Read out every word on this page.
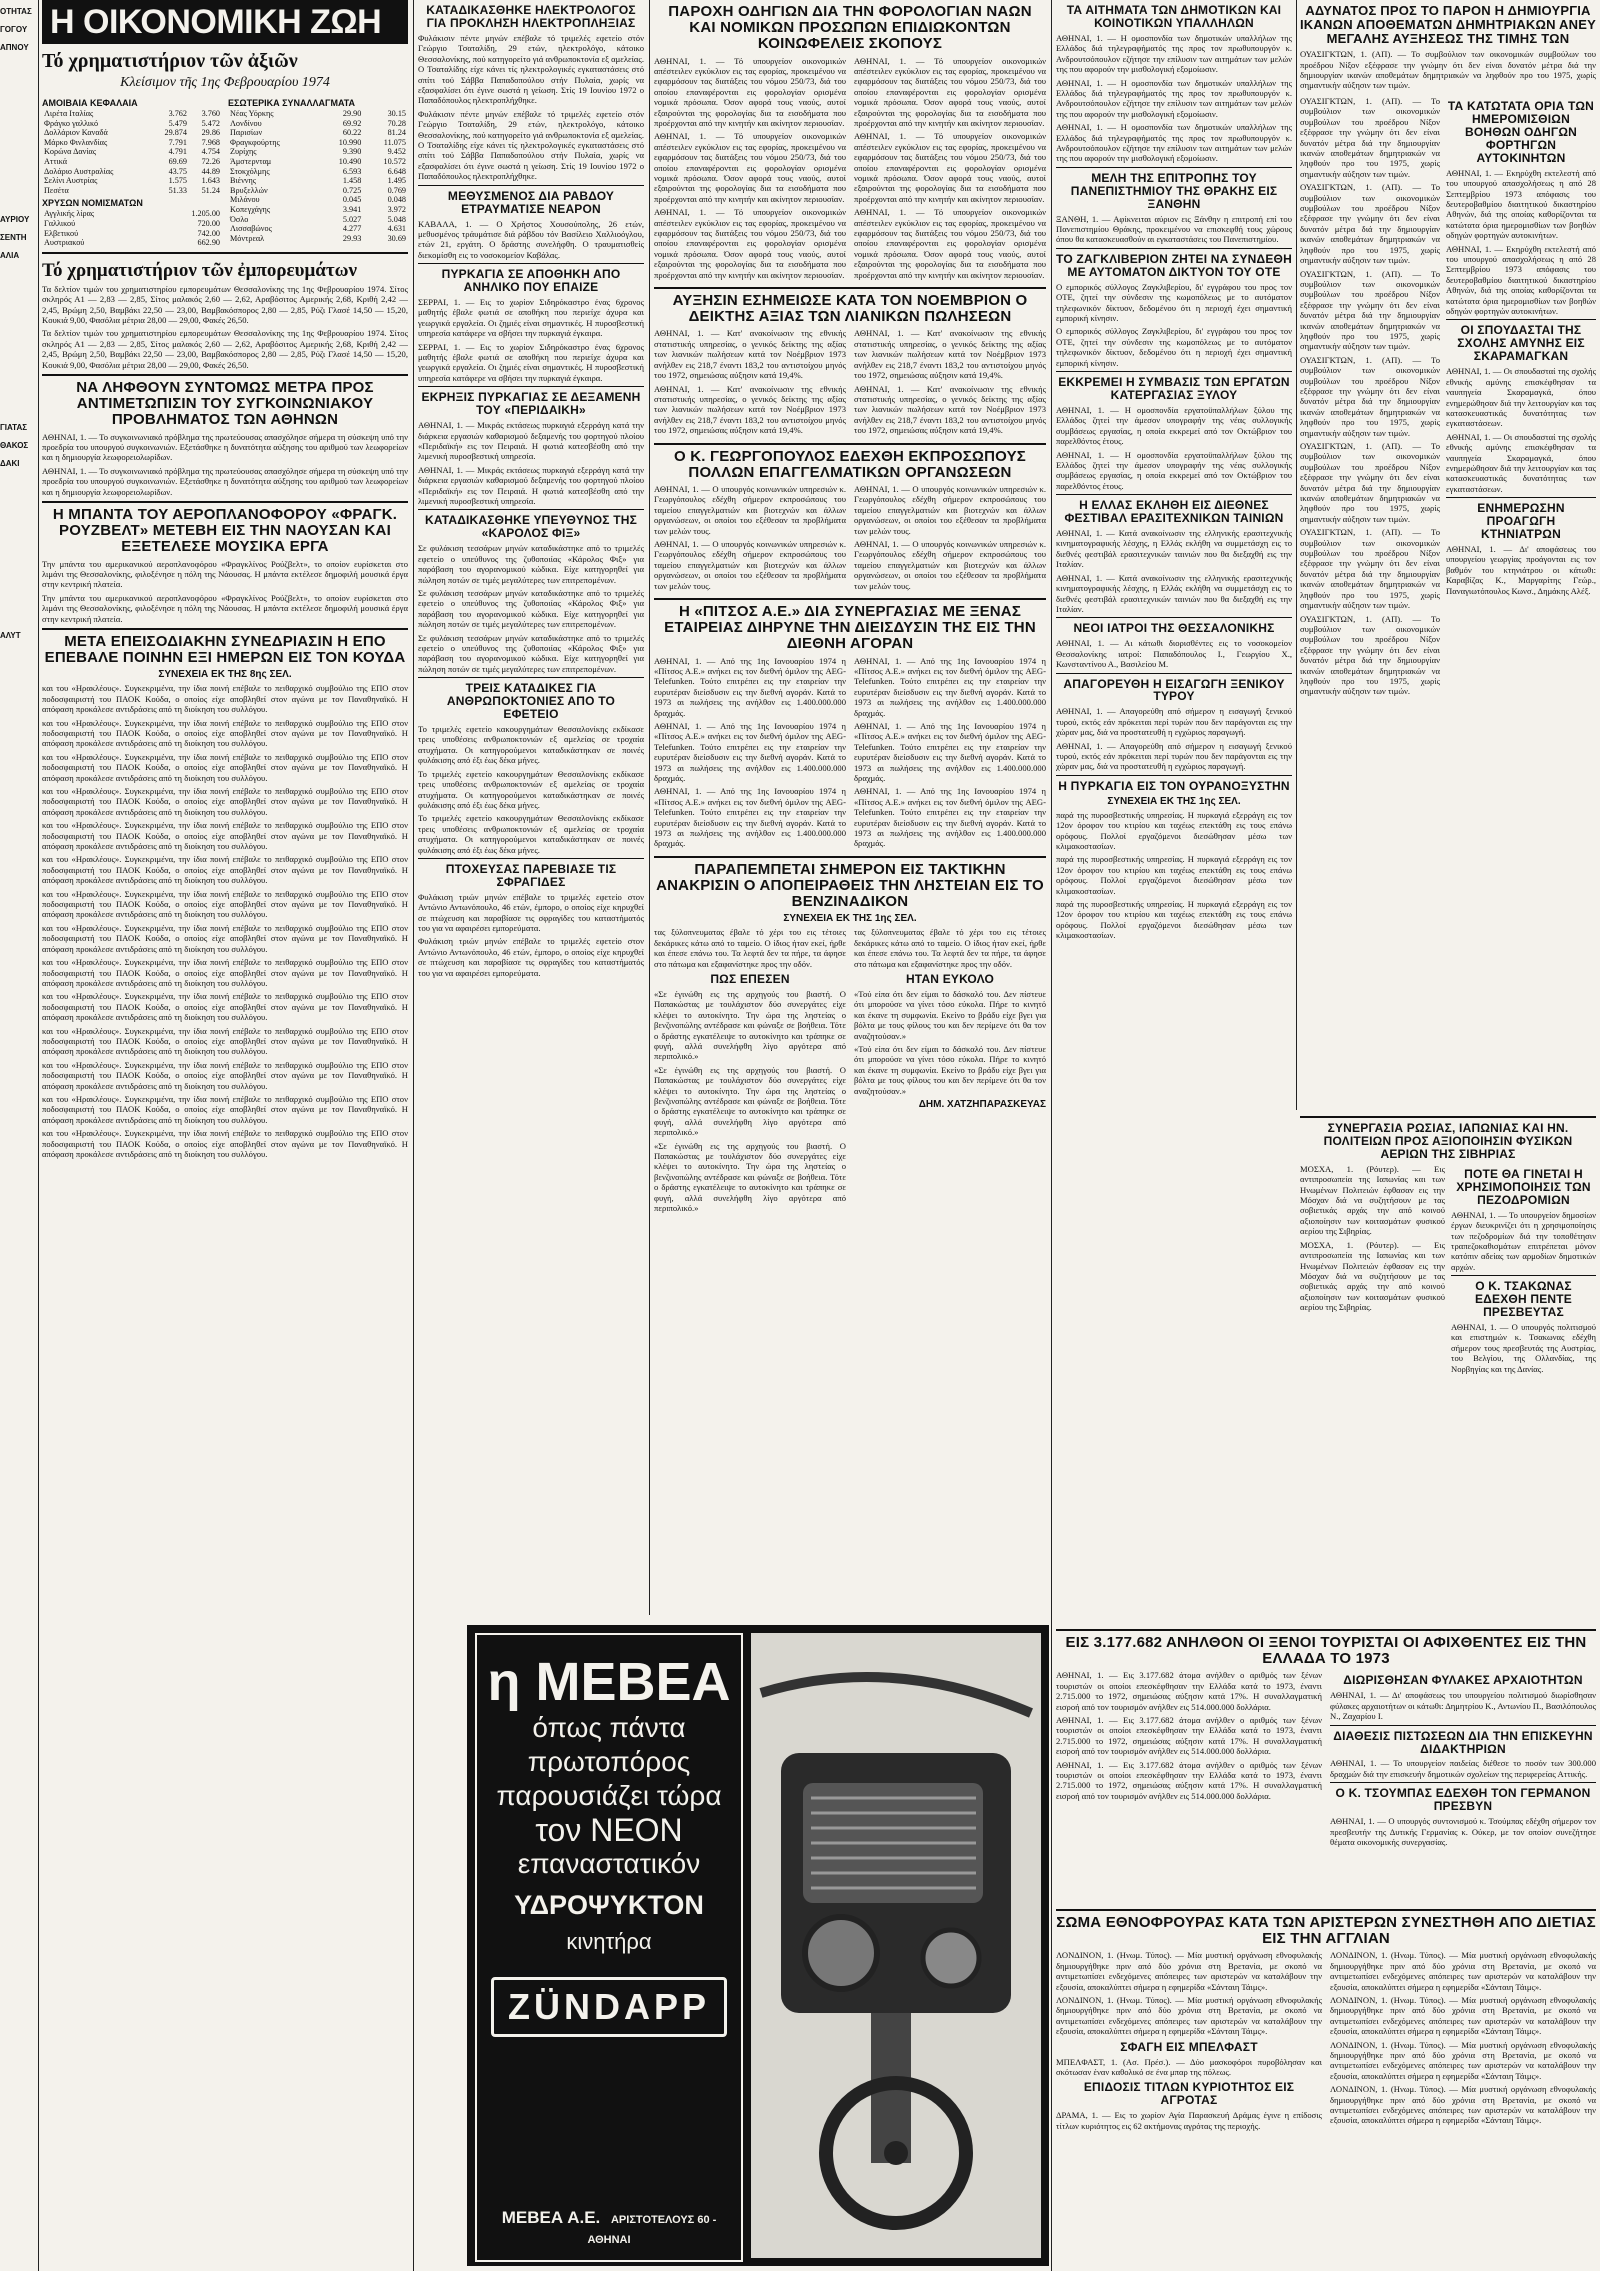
ΟΤΗΤΑΣ
ΓΟΓΟΥ
ΑΠΝΟΥ
ΑΥΡΙΟΥ
ΣΕΝΤΗ
ΑΛΙΑ
ΓΙΑΤΑΣ
ΘΑΚΟΣ
ΔΑΚΙ
ΑΛΥΤ
Η ΟΙΚΟΝΟΜΙΚΗ ΖΩΗ
Τό χρηματιστήριον τῶν ἀξιῶν
Κλείσιμον τῆς 1ης Φεβρουαρίου 1974
ΑΜΟΙΒΑΙΑ ΚΕΦΑΛΑΙΑ
Λιρέτα Ιταλίας	3.762	3.760
Φράγκο γαλλικό	5.479	5.472
Δολλάριον Καναδά	29.874	29.86
Μάρκο Φινλανδίας	7.791	7.968
Κορώνα Δανίας	4.791	4.754
Αττικά	69.69	72.26
Δολάριο Αυστραλίας	43.75	44.89
Σελίνι Αυστρίας	1.575	1.643
Πεσέτα	51.33	51.24
ΧΡΥΣΩΝ ΝΟΜΙΣΜΑΤΩΝ
Αγγλικής λίρας	1.205.00
Γαλλικού	720.00
Ελβετικού	742.00
Αυστριακού	662.90
ΕΣΩΤΕΡΙΚΑ ΣΥΝΑΛΛΑΓΜΑΤΑ
Νέας Υόρκης	29.90	30.15
Λονδίνου	69.92	70.28
Παρισίων	60.22	81.24
Φραγκφούρτης	10.990	11.075
Ζυρίχης	9.390	9.452
Άμστερνταμ	10.490	10.572
Στοκχόλμης	6.593	6.648
Βιέννης	1.458	1.495
Βρυξελλών	0.725	0.769
Μιλάνου	0.045	0.048
Κοπεγχάγης	3.941	3.972
Όσλο	5.027	5.048
Λισσαβώνος	4.277	4.631
Μόντρεαλ	29.93	30.69
Τό χρηματιστήριον τῶν ἐμπορευμάτων

Τα δελτίον τιμών του χρηματιστηρίου εμπορευμάτων Θεσσαλονίκης της 1ης Φεβρουαρίου 1974. Σίτος σκληρός Α1 — 2,83 — 2,85, Σίτος μαλακός 2,60 — 2,62, Αραβόσιτος Αμερικής 2,68, Κριθή 2,42 — 2,45, Βρώμη 2,50, Βαμβάκι 22,50 — 23,00, Βαμβακόσπορος 2,80 — 2,85, Ρύζι Γλασέ 14,50 — 15,20, Κουκιά 9,00, Φασόλια μέτρια 28,00 — 29,00, Φακές 26,50.

Τα δελτίον τιμών του χρηματιστηρίου εμπορευμάτων Θεσσαλονίκης της 1ης Φεβρουαρίου 1974. Σίτος σκληρός Α1 — 2,83 — 2,85, Σίτος μαλακός 2,60 — 2,62, Αραβόσιτος Αμερικής 2,68, Κριθή 2,42 — 2,45, Βρώμη 2,50, Βαμβάκι 22,50 — 23,00, Βαμβακόσπορος 2,80 — 2,85, Ρύζι Γλασέ 14,50 — 15,20, Κουκιά 9,00, Φασόλια μέτρια 28,00 — 29,00, Φακές 26,50.

ΝΑ ΛΗΦΘΟΥΝ ΣΥΝΤΟΜΩΣ ΜΕΤΡΑ ΠΡΟΣ ΑΝΤΙΜΕΤΩΠΙΣΙΝ ΤΟΥ ΣΥΓΚΟΙΝΩΝΙΑΚΟΥ ΠΡΟΒΛΗΜΑΤΟΣ ΤΩΝ ΑΘΗΝΩΝ

ΑΘΗΝΑΙ, 1. — Το συγκοινωνιακό πρόβλημα της πρωτεύουσας απασχόλησε σήμερα τη σύσκεψη υπό την προεδρία του υπουργού συγκοινωνιών. Εξετάσθηκε η δυνατότητα αύξησης του αριθμού των λεωφορείων και η δημιουργία λεωφορειολωρίδων.

ΑΘΗΝΑΙ, 1. — Το συγκοινωνιακό πρόβλημα της πρωτεύουσας απασχόλησε σήμερα τη σύσκεψη υπό την προεδρία του υπουργού συγκοινωνιών. Εξετάσθηκε η δυνατότητα αύξησης του αριθμού των λεωφορείων και η δημιουργία λεωφορειολωρίδων.

Η ΜΠΑΝΤΑ ΤΟΥ ΑΕΡΟΠΛΑΝΟΦΟΡΟΥ «ΦΡΑΓΚ. ΡΟΥΖΒΕΛΤ» ΜΕΤΕΒΗ ΕΙΣ ΤΗΝ ΝΑΟΥΣΑΝ ΚΑΙ ΕΞΕΤΕΛΕΣΕ ΜΟΥΣΙΚΑ ΕΡΓΑ

Την μπάντα του αμερικανικού αεροπλανοφόρου «Φραγκλίνος Ρούζβελτ», το οποίον ευρίσκεται στο λιμάνι της Θεσσαλονίκης, φιλοξένησε η πόλη της Νάουσας. Η μπάντα εκτέλεσε δημοφιλή μουσικά έργα στην κεντρική πλατεία.

Την μπάντα του αμερικανικού αεροπλανοφόρου «Φραγκλίνος Ρούζβελτ», το οποίον ευρίσκεται στο λιμάνι της Θεσσαλονίκης, φιλοξένησε η πόλη της Νάουσας. Η μπάντα εκτέλεσε δημοφιλή μουσικά έργα στην κεντρική πλατεία.

ΜΕΤΑ ΕΠΕΙΣΟΔΙΑΚΗΝ ΣΥΝΕΔΡΙΑΣΙΝ Η ΕΠΟ ΕΠΕΒΑΛΕ ΠΟΙΝΗΝ ΕΞΙ ΗΜΕΡΩΝ ΕΙΣ ΤΟΝ ΚΟΥΔΑ
ΣΥΝΕΧΕΙΑ ΕΚ ΤΗΣ 8ης ΣΕΛ.

και του «Ηρακλέους». Συγκεκριμένα, την ίδια ποινή επέβαλε το πειθαρχικό συμβούλιο της ΕΠΟ στον ποδοσφαιριστή του ΠΑΟΚ Κούδα, ο οποίος είχε αποβληθεί στον αγώνα με τον Παναθηναϊκό. Η απόφαση προκάλεσε αντιδράσεις από τη διοίκηση του συλλόγου.

και του «Ηρακλέους». Συγκεκριμένα, την ίδια ποινή επέβαλε το πειθαρχικό συμβούλιο της ΕΠΟ στον ποδοσφαιριστή του ΠΑΟΚ Κούδα, ο οποίος είχε αποβληθεί στον αγώνα με τον Παναθηναϊκό. Η απόφαση προκάλεσε αντιδράσεις από τη διοίκηση του συλλόγου.

και του «Ηρακλέους». Συγκεκριμένα, την ίδια ποινή επέβαλε το πειθαρχικό συμβούλιο της ΕΠΟ στον ποδοσφαιριστή του ΠΑΟΚ Κούδα, ο οποίος είχε αποβληθεί στον αγώνα με τον Παναθηναϊκό. Η απόφαση προκάλεσε αντιδράσεις από τη διοίκηση του συλλόγου.

και του «Ηρακλέους». Συγκεκριμένα, την ίδια ποινή επέβαλε το πειθαρχικό συμβούλιο της ΕΠΟ στον ποδοσφαιριστή του ΠΑΟΚ Κούδα, ο οποίος είχε αποβληθεί στον αγώνα με τον Παναθηναϊκό. Η απόφαση προκάλεσε αντιδράσεις από τη διοίκηση του συλλόγου.

και του «Ηρακλέους». Συγκεκριμένα, την ίδια ποινή επέβαλε το πειθαρχικό συμβούλιο της ΕΠΟ στον ποδοσφαιριστή του ΠΑΟΚ Κούδα, ο οποίος είχε αποβληθεί στον αγώνα με τον Παναθηναϊκό. Η απόφαση προκάλεσε αντιδράσεις από τη διοίκηση του συλλόγου.

και του «Ηρακλέους». Συγκεκριμένα, την ίδια ποινή επέβαλε το πειθαρχικό συμβούλιο της ΕΠΟ στον ποδοσφαιριστή του ΠΑΟΚ Κούδα, ο οποίος είχε αποβληθεί στον αγώνα με τον Παναθηναϊκό. Η απόφαση προκάλεσε αντιδράσεις από τη διοίκηση του συλλόγου.

και του «Ηρακλέους». Συγκεκριμένα, την ίδια ποινή επέβαλε το πειθαρχικό συμβούλιο της ΕΠΟ στον ποδοσφαιριστή του ΠΑΟΚ Κούδα, ο οποίος είχε αποβληθεί στον αγώνα με τον Παναθηναϊκό. Η απόφαση προκάλεσε αντιδράσεις από τη διοίκηση του συλλόγου.

και του «Ηρακλέους». Συγκεκριμένα, την ίδια ποινή επέβαλε το πειθαρχικό συμβούλιο της ΕΠΟ στον ποδοσφαιριστή του ΠΑΟΚ Κούδα, ο οποίος είχε αποβληθεί στον αγώνα με τον Παναθηναϊκό. Η απόφαση προκάλεσε αντιδράσεις από τη διοίκηση του συλλόγου.

και του «Ηρακλέους». Συγκεκριμένα, την ίδια ποινή επέβαλε το πειθαρχικό συμβούλιο της ΕΠΟ στον ποδοσφαιριστή του ΠΑΟΚ Κούδα, ο οποίος είχε αποβληθεί στον αγώνα με τον Παναθηναϊκό. Η απόφαση προκάλεσε αντιδράσεις από τη διοίκηση του συλλόγου.

και του «Ηρακλέους». Συγκεκριμένα, την ίδια ποινή επέβαλε το πειθαρχικό συμβούλιο της ΕΠΟ στον ποδοσφαιριστή του ΠΑΟΚ Κούδα, ο οποίος είχε αποβληθεί στον αγώνα με τον Παναθηναϊκό. Η απόφαση προκάλεσε αντιδράσεις από τη διοίκηση του συλλόγου.

και του «Ηρακλέους». Συγκεκριμένα, την ίδια ποινή επέβαλε το πειθαρχικό συμβούλιο της ΕΠΟ στον ποδοσφαιριστή του ΠΑΟΚ Κούδα, ο οποίος είχε αποβληθεί στον αγώνα με τον Παναθηναϊκό. Η απόφαση προκάλεσε αντιδράσεις από τη διοίκηση του συλλόγου.

και του «Ηρακλέους». Συγκεκριμένα, την ίδια ποινή επέβαλε το πειθαρχικό συμβούλιο της ΕΠΟ στον ποδοσφαιριστή του ΠΑΟΚ Κούδα, ο οποίος είχε αποβληθεί στον αγώνα με τον Παναθηναϊκό. Η απόφαση προκάλεσε αντιδράσεις από τη διοίκηση του συλλόγου.

και του «Ηρακλέους». Συγκεκριμένα, την ίδια ποινή επέβαλε το πειθαρχικό συμβούλιο της ΕΠΟ στον ποδοσφαιριστή του ΠΑΟΚ Κούδα, ο οποίος είχε αποβληθεί στον αγώνα με τον Παναθηναϊκό. Η απόφαση προκάλεσε αντιδράσεις από τη διοίκηση του συλλόγου.

και του «Ηρακλέους». Συγκεκριμένα, την ίδια ποινή επέβαλε το πειθαρχικό συμβούλιο της ΕΠΟ στον ποδοσφαιριστή του ΠΑΟΚ Κούδα, ο οποίος είχε αποβληθεί στον αγώνα με τον Παναθηναϊκό. Η απόφαση προκάλεσε αντιδράσεις από τη διοίκηση του συλλόγου.

ΚΑΤΑΔΙΚΑΣΘΗΚΕ ΗΛΕΚΤΡΟΛΟΓΟΣ ΓΙΑ ΠΡΟΚΛΗΣΗ ΗΛΕΚΤΡΟΠΛΗΞΙΑΣ

Φυλάκισιν πέντε μηνών επέβαλε τό τριμελές εφετείο στόν Γεώργιο Τσαταλίδη, 29 ετών, ηλεκτρολόγο, κάτοικο Θεσσαλονίκης, πού κατηγορείτο γιά ανθρωποκτονία εξ αμελείας. Ο Τσαταλίδης είχε κάνει τίς ηλεκτρολογικές εγκαταστάσεις στό σπίτι τού Σάββα Παπαδοπούλου στήν Πυλαία, χωρίς να εξασφαλίσει ότι έγινε σωστά η γείωση. Στίς 19 Ιουνίου 1972 ο Παπαδόπουλος ηλεκτροπλήχθηκε.

Φυλάκισιν πέντε μηνών επέβαλε τό τριμελές εφετείο στόν Γεώργιο Τσαταλίδη, 29 ετών, ηλεκτρολόγο, κάτοικο Θεσσαλονίκης, πού κατηγορείτο γιά ανθρωποκτονία εξ αμελείας. Ο Τσαταλίδης είχε κάνει τίς ηλεκτρολογικές εγκαταστάσεις στό σπίτι τού Σάββα Παπαδοπούλου στήν Πυλαία, χωρίς να εξασφαλίσει ότι έγινε σωστά η γείωση. Στίς 19 Ιουνίου 1972 ο Παπαδόπουλος ηλεκτροπλήχθηκε.

ΜΕΘΥΣΜΕΝΟΣ ΔΙΑ ΡΑΒΔΟΥ ΕΤΡΑΥΜΑΤΙΣΕ ΝΕΑΡΟΝ

ΚΑΒΑΛΑ, 1. — Ο Χρήστος Χουσούπολης, 26 ετών, μεθυσμένος τράυμάτισε διά ράβδου τόν Βασίλειο Χαλλιοόγλου, ετών 21, εργάτη. Ο δράστης συνελήφθη. Ο τραυματισθείς διεκομίσθη εις το νοσοκομείον Καβάλας.

ΠΥΡΚΑΓΙΑ ΣΕ ΑΠΟΘΗΚΗ ΑΠΟ ΑΝΗΛΙΚΟ ΠΟΥ ΕΠΑΙΖΕ

ΣΕΡΡΑΙ, 1. — Εις το χωρίον Σιδηρόκαστρο ένας 6χρονος μαθητής έβαλε φωτιά σε αποθήκη που περιείχε άχυρα και γεωργικά εργαλεία. Οι ζημιές είναι σημαντικές. Η πυροσβεστική υπηρεσία κατάφερε να σβήσει την πυρκαγιά έγκαιρα.

ΣΕΡΡΑΙ, 1. — Εις το χωρίον Σιδηρόκαστρο ένας 6χρονος μαθητής έβαλε φωτιά σε αποθήκη που περιείχε άχυρα και γεωργικά εργαλεία. Οι ζημιές είναι σημαντικές. Η πυροσβεστική υπηρεσία κατάφερε να σβήσει την πυρκαγιά έγκαιρα.

ΕΚΡΗΞΙΣ ΠΥΡΚΑΓΙΑΣ ΣΕ ΔΕΞΑΜΕΝΗ ΤΟΥ «ΠΕΡΙΔΑΙΚΗ»

ΑΘΗΝΑΙ, 1. — Μικράς εκτάσεως πυρκαγιά εξερράγη κατά την διάρκεια εργασιών καθαρισμού δεξαμενής του φορτηγού πλοίου «Περιδαϊκή» εις τον Πειραιά. Η φωτιά κατεσβέσθη από την λιμενική πυροσβεστική υπηρεσία.

ΑΘΗΝΑΙ, 1. — Μικράς εκτάσεως πυρκαγιά εξερράγη κατά την διάρκεια εργασιών καθαρισμού δεξαμενής του φορτηγού πλοίου «Περιδαϊκή» εις τον Πειραιά. Η φωτιά κατεσβέσθη από την λιμενική πυροσβεστική υπηρεσία.

ΚΑΤΑΔΙΚΑΣΘΗΚΕ ΥΠΕΥΘΥΝΟΣ ΤΗΣ «ΚΑΡΟΛΟΣ ΦΙΞ»

Σε φυλάκιση τεσσάρων μηνών καταδικάστηκε από το τριμελές εφετείο ο υπεύθυνος της ζυθοποιίας «Κάρολος Φιξ» για παράβαση του αγορανομικού κώδικα. Είχε κατηγορηθεί για πώληση ποτών σε τιμές μεγαλύτερες των επιτρεπομένων.

Σε φυλάκιση τεσσάρων μηνών καταδικάστηκε από το τριμελές εφετείο ο υπεύθυνος της ζυθοποιίας «Κάρολος Φιξ» για παράβαση του αγορανομικού κώδικα. Είχε κατηγορηθεί για πώληση ποτών σε τιμές μεγαλύτερες των επιτρεπομένων.

Σε φυλάκιση τεσσάρων μηνών καταδικάστηκε από το τριμελές εφετείο ο υπεύθυνος της ζυθοποιίας «Κάρολος Φιξ» για παράβαση του αγορανομικού κώδικα. Είχε κατηγορηθεί για πώληση ποτών σε τιμές μεγαλύτερες των επιτρεπομένων.

ΤΡΕΙΣ ΚΑΤΑΔΙΚΕΣ ΓΙΑ ΑΝΘΡΩΠΟΚΤΟΝΙΕΣ ΑΠΟ ΤΟ ΕΦΕΤΕΙΟ

Το τριμελές εφετείο κακουργημάτων Θεσσαλονίκης εκδίκασε τρεις υποθέσεις ανθρωποκτονιών εξ αμελείας σε τροχαία ατυχήματα. Οι κατηγορούμενοι καταδικάστηκαν σε ποινές φυλάκισης από έξι έως δέκα μήνες.

Το τριμελές εφετείο κακουργημάτων Θεσσαλονίκης εκδίκασε τρεις υποθέσεις ανθρωποκτονιών εξ αμελείας σε τροχαία ατυχήματα. Οι κατηγορούμενοι καταδικάστηκαν σε ποινές φυλάκισης από έξι έως δέκα μήνες.

Το τριμελές εφετείο κακουργημάτων Θεσσαλονίκης εκδίκασε τρεις υποθέσεις ανθρωποκτονιών εξ αμελείας σε τροχαία ατυχήματα. Οι κατηγορούμενοι καταδικάστηκαν σε ποινές φυλάκισης από έξι έως δέκα μήνες.

ΠΤΟΧΕΥΣΑΣ ΠΑΡΕΒΙΑΣΕ ΤΙΣ ΣΦΡΑΓΙΔΕΣ

Φυλάκιση τριών μηνών επέβαλε το τριμελές εφετείο στον Αντώνιο Αντωνόπουλο, 46 ετών, έμπορο, ο οποίος είχε κηρυχθεί σε πτώχευση και παραβίασε τις σφραγίδες του καταστήματός του για να αφαιρέσει εμπορεύματα.

Φυλάκιση τριών μηνών επέβαλε το τριμελές εφετείο στον Αντώνιο Αντωνόπουλο, 46 ετών, έμπορο, ο οποίος είχε κηρυχθεί σε πτώχευση και παραβίασε τις σφραγίδες του καταστήματός του για να αφαιρέσει εμπορεύματα.

ΠΑΡΟΧΗ ΟΔΗΓΙΩΝ ΔΙΑ ΤΗΝ ΦΟΡΟΛΟΓΙΑΝ ΝΑΩΝ ΚΑΙ ΝΟΜΙΚΩΝ ΠΡΟΣΩΠΩΝ ΕΠΙΔΙΩΚΟΝΤΩΝ ΚΟΙΝΩΦΕΛΕΙΣ ΣΚΟΠΟΥΣ

ΑΘΗΝΑΙ, 1. — Τό υπουργείον οικονομικών απέστειλεν εγκύκλιον εις τας εφορίας, προκειμένου να εφαρμόσουν τας διατάξεις του νόμου 250/73, διά του οποίου επαναφέρονται εις φορολογίαν ορισμένα νομικά πρόσωπα. Όσον αφορά τους ναούς, αυτοί εξαιρούνται της φορολογίας δια τα εισοδήματα που προέρχονται από την κινητήν και ακίνητον περιουσίαν.

ΑΘΗΝΑΙ, 1. — Τό υπουργείον οικονομικών απέστειλεν εγκύκλιον εις τας εφορίας, προκειμένου να εφαρμόσουν τας διατάξεις του νόμου 250/73, διά του οποίου επαναφέρονται εις φορολογίαν ορισμένα νομικά πρόσωπα. Όσον αφορά τους ναούς, αυτοί εξαιρούνται της φορολογίας δια τα εισοδήματα που προέρχονται από την κινητήν και ακίνητον περιουσίαν.

ΑΘΗΝΑΙ, 1. — Τό υπουργείον οικονομικών απέστειλεν εγκύκλιον εις τας εφορίας, προκειμένου να εφαρμόσουν τας διατάξεις του νόμου 250/73, διά του οποίου επαναφέρονται εις φορολογίαν ορισμένα νομικά πρόσωπα. Όσον αφορά τους ναούς, αυτοί εξαιρούνται της φορολογίας δια τα εισοδήματα που προέρχονται από την κινητήν και ακίνητον περιουσίαν.

ΑΘΗΝΑΙ, 1. — Τό υπουργείον οικονομικών απέστειλεν εγκύκλιον εις τας εφορίας, προκειμένου να εφαρμόσουν τας διατάξεις του νόμου 250/73, διά του οποίου επαναφέρονται εις φορολογίαν ορισμένα νομικά πρόσωπα. Όσον αφορά τους ναούς, αυτοί εξαιρούνται της φορολογίας δια τα εισοδήματα που προέρχονται από την κινητήν και ακίνητον περιουσίαν.

ΑΘΗΝΑΙ, 1. — Τό υπουργείον οικονομικών απέστειλεν εγκύκλιον εις τας εφορίας, προκειμένου να εφαρμόσουν τας διατάξεις του νόμου 250/73, διά του οποίου επαναφέρονται εις φορολογίαν ορισμένα νομικά πρόσωπα. Όσον αφορά τους ναούς, αυτοί εξαιρούνται της φορολογίας δια τα εισοδήματα που προέρχονται από την κινητήν και ακίνητον περιουσίαν.

ΑΘΗΝΑΙ, 1. — Τό υπουργείον οικονομικών απέστειλεν εγκύκλιον εις τας εφορίας, προκειμένου να εφαρμόσουν τας διατάξεις του νόμου 250/73, διά του οποίου επαναφέρονται εις φορολογίαν ορισμένα νομικά πρόσωπα. Όσον αφορά τους ναούς, αυτοί εξαιρούνται της φορολογίας δια τα εισοδήματα που προέρχονται από την κινητήν και ακίνητον περιουσίαν.

ΑΥΞΗΣΙΝ ΕΣΗΜΕΙΩΣΕ ΚΑΤΑ ΤΟΝ ΝΟΕΜΒΡΙΟΝ Ο ΔΕΙΚΤΗΣ ΑΞΙΑΣ ΤΩΝ ΛΙΑΝΙΚΩΝ ΠΩΛΗΣΕΩΝ

ΑΘΗΝΑΙ, 1. — Κατ' ανακοίνωσιν της εθνικής στατιστικής υπηρεσίας, ο γενικός δείκτης της αξίας των λιανικών πωλήσεων κατά τον Νοέμβριον 1973 ανήλθεν εις 218,7 έναντι 183,2 του αντιστοίχου μηνός του 1972, σημειώσας αύξησιν κατά 19,4%.

ΑΘΗΝΑΙ, 1. — Κατ' ανακοίνωσιν της εθνικής στατιστικής υπηρεσίας, ο γενικός δείκτης της αξίας των λιανικών πωλήσεων κατά τον Νοέμβριον 1973 ανήλθεν εις 218,7 έναντι 183,2 του αντιστοίχου μηνός του 1972, σημειώσας αύξησιν κατά 19,4%.

ΑΘΗΝΑΙ, 1. — Κατ' ανακοίνωσιν της εθνικής στατιστικής υπηρεσίας, ο γενικός δείκτης της αξίας των λιανικών πωλήσεων κατά τον Νοέμβριον 1973 ανήλθεν εις 218,7 έναντι 183,2 του αντιστοίχου μηνός του 1972, σημειώσας αύξησιν κατά 19,4%.

ΑΘΗΝΑΙ, 1. — Κατ' ανακοίνωσιν της εθνικής στατιστικής υπηρεσίας, ο γενικός δείκτης της αξίας των λιανικών πωλήσεων κατά τον Νοέμβριον 1973 ανήλθεν εις 218,7 έναντι 183,2 του αντιστοίχου μηνός του 1972, σημειώσας αύξησιν κατά 19,4%.

Ο Κ. ΓΕΩΡΓΟΠΟΥΛΟΣ ΕΔΕΧΘΗ ΕΚΠΡΟΣΩΠΟΥΣ ΠΟΛΛΩΝ ΕΠΑΓΓΕΛΜΑΤΙΚΩΝ ΟΡΓΑΝΩΣΕΩΝ

ΑΘΗΝΑΙ, 1. — Ο υπουργός κοινωνικών υπηρεσιών κ. Γεωργόπουλος εδέχθη σήμερον εκπροσώπους του ταμείου επαγγελματιών και βιοτεχνών και άλλων οργανώσεων, οι οποίοι του εξέθεσαν τα προβλήματα των μελών τους.

ΑΘΗΝΑΙ, 1. — Ο υπουργός κοινωνικών υπηρεσιών κ. Γεωργόπουλος εδέχθη σήμερον εκπροσώπους του ταμείου επαγγελματιών και βιοτεχνών και άλλων οργανώσεων, οι οποίοι του εξέθεσαν τα προβλήματα των μελών τους.

ΑΘΗΝΑΙ, 1. — Ο υπουργός κοινωνικών υπηρεσιών κ. Γεωργόπουλος εδέχθη σήμερον εκπροσώπους του ταμείου επαγγελματιών και βιοτεχνών και άλλων οργανώσεων, οι οποίοι του εξέθεσαν τα προβλήματα των μελών τους.

ΑΘΗΝΑΙ, 1. — Ο υπουργός κοινωνικών υπηρεσιών κ. Γεωργόπουλος εδέχθη σήμερον εκπροσώπους του ταμείου επαγγελματιών και βιοτεχνών και άλλων οργανώσεων, οι οποίοι του εξέθεσαν τα προβλήματα των μελών τους.

Η «ΠΙΤΣΟΣ Α.Ε.» ΔΙΑ ΣΥΝΕΡΓΑΣΙΑΣ ΜΕ ΞΕΝΑΣ ΕΤΑΙΡΕΙΑΣ ΔΙΗΡΥΝΕ ΤΗΝ ΔΙΕΙΣΔΥΣΙΝ ΤΗΣ ΕΙΣ ΤΗΝ ΔΙΕΘΝΗ ΑΓΟΡΑΝ

ΑΘΗΝΑΙ, 1. — Από της 1ης Ιανουαρίου 1974 η «Πίτσος Α.Ε.» ανήκει εις τον διεθνή όμιλον της AEG-Telefunken. Τούτο επιτρέπει εις την εταιρείαν την ευρυτέραν διείσδυσιν εις την διεθνή αγοράν. Κατά το 1973 αι πωλήσεις της ανήλθον εις 1.400.000.000 δραχμάς.

ΑΘΗΝΑΙ, 1. — Από της 1ης Ιανουαρίου 1974 η «Πίτσος Α.Ε.» ανήκει εις τον διεθνή όμιλον της AEG-Telefunken. Τούτο επιτρέπει εις την εταιρείαν την ευρυτέραν διείσδυσιν εις την διεθνή αγοράν. Κατά το 1973 αι πωλήσεις της ανήλθον εις 1.400.000.000 δραχμάς.

ΑΘΗΝΑΙ, 1. — Από της 1ης Ιανουαρίου 1974 η «Πίτσος Α.Ε.» ανήκει εις τον διεθνή όμιλον της AEG-Telefunken. Τούτο επιτρέπει εις την εταιρείαν την ευρυτέραν διείσδυσιν εις την διεθνή αγοράν. Κατά το 1973 αι πωλήσεις της ανήλθον εις 1.400.000.000 δραχμάς.

ΑΘΗΝΑΙ, 1. — Από της 1ης Ιανουαρίου 1974 η «Πίτσος Α.Ε.» ανήκει εις τον διεθνή όμιλον της AEG-Telefunken. Τούτο επιτρέπει εις την εταιρείαν την ευρυτέραν διείσδυσιν εις την διεθνή αγοράν. Κατά το 1973 αι πωλήσεις της ανήλθον εις 1.400.000.000 δραχμάς.

ΑΘΗΝΑΙ, 1. — Από της 1ης Ιανουαρίου 1974 η «Πίτσος Α.Ε.» ανήκει εις τον διεθνή όμιλον της AEG-Telefunken. Τούτο επιτρέπει εις την εταιρείαν την ευρυτέραν διείσδυσιν εις την διεθνή αγοράν. Κατά το 1973 αι πωλήσεις της ανήλθον εις 1.400.000.000 δραχμάς.

ΑΘΗΝΑΙ, 1. — Από της 1ης Ιανουαρίου 1974 η «Πίτσος Α.Ε.» ανήκει εις τον διεθνή όμιλον της AEG-Telefunken. Τούτο επιτρέπει εις την εταιρείαν την ευρυτέραν διείσδυσιν εις την διεθνή αγοράν. Κατά το 1973 αι πωλήσεις της ανήλθον εις 1.400.000.000 δραχμάς.

ΠΑΡΑΠΕΜΠΕΤΑΙ ΣΗΜΕΡΟΝ ΕΙΣ ΤΑΚΤΙΚΗΝ ΑΝΑΚΡΙΣΙΝ Ο ΑΠΟΠΕΙΡΑΘΕΙΣ ΤΗΝ ΛΗΣΤΕΙΑΝ ΕΙΣ ΤΟ ΒΕΝΖΙΝΑΔΙΚΟΝ
ΣΥΝΕΧΕΙΑ ΕΚ ΤΗΣ 1ης ΣΕΛ.

τας ξύλοπνευματας έβαλε τό χέρι του εις τέτοιες δεκάρικες κάτω από το ταμείο. Ο ίδιος ήταν εκεί, ήρθε και έπεσε επάνω του. Τα λεφτά δεν τα πήρε, τα άφησε στο πάτωμα και εξαφανίστηκε προς την οδόν.

ΠΩΣ ΕΠΕΣΕΝ

«Σε έγινώθη εις της αρχηγούς του βιαστή. Ο Παπακώστας με τουλάχιστον δύο συνεργάτες είχε κλέψει το αυτοκίνητο. Την ώρα της ληστείας ο βενζινοπώλης αντέδρασε και φώναξε σε βοήθεια. Τότε ο δράστης εγκατέλειψε το αυτοκίνητο και τράπηκε σε φυγή, αλλά συνελήφθη λίγο αργότερα από περιπολικό.»

«Σε έγινώθη εις της αρχηγούς του βιαστή. Ο Παπακώστας με τουλάχιστον δύο συνεργάτες είχε κλέψει το αυτοκίνητο. Την ώρα της ληστείας ο βενζινοπώλης αντέδρασε και φώναξε σε βοήθεια. Τότε ο δράστης εγκατέλειψε το αυτοκίνητο και τράπηκε σε φυγή, αλλά συνελήφθη λίγο αργότερα από περιπολικό.»

«Σε έγινώθη εις της αρχηγούς του βιαστή. Ο Παπακώστας με τουλάχιστον δύο συνεργάτες είχε κλέψει το αυτοκίνητο. Την ώρα της ληστείας ο βενζινοπώλης αντέδρασε και φώναξε σε βοήθεια. Τότε ο δράστης εγκατέλειψε το αυτοκίνητο και τράπηκε σε φυγή, αλλά συνελήφθη λίγο αργότερα από περιπολικό.»

τας ξύλοπνευματας έβαλε τό χέρι του εις τέτοιες δεκάρικες κάτω από το ταμείο. Ο ίδιος ήταν εκεί, ήρθε και έπεσε επάνω του. Τα λεφτά δεν τα πήρε, τα άφησε στο πάτωμα και εξαφανίστηκε προς την οδόν.

ΗΤΑΝ ΕΥΚΟΛΟ

«Τού είπα ότι δεν είμαι το δάσκαλό του. Δεν πίστευε ότι μπορούσε να γίνει τόσο εύκολα. Πήρε το κινητό και έκανε τη συμφωνία. Εκείνο το βράδυ είχε βγει για βόλτα με τους φίλους του και δεν περίμενε ότι θα τον αναζητούσαν.»

«Τού είπα ότι δεν είμαι το δάσκαλό του. Δεν πίστευε ότι μπορούσε να γίνει τόσο εύκολα. Πήρε το κινητό και έκανε τη συμφωνία. Εκείνο το βράδυ είχε βγει για βόλτα με τους φίλους του και δεν περίμενε ότι θα τον αναζητούσαν.»

ΔΗΜ. ΧΑΤΖΗΠΑΡΑΣΚΕΥΑΣ
ΤΑ ΑΙΤΗΜΑΤΑ ΤΩΝ ΔΗΜΟΤΙΚΩΝ ΚΑΙ ΚΟΙΝΟΤΙΚΩΝ ΥΠΑΛΛΗΛΩΝ

ΑΘΗΝΑΙ, 1. — Η ομοσπονδία των δημοτικών υπαλλήλων της Ελλάδος διά τηλεγραφήματός της προς τον πρωθυπουργόν κ. Ανδρουτσόπουλον εζήτησε την επίλυσιν των αιτημάτων των μελών της που αφορούν την μισθολογική εξομοίωσιν.

ΑΘΗΝΑΙ, 1. — Η ομοσπονδία των δημοτικών υπαλλήλων της Ελλάδος διά τηλεγραφήματός της προς τον πρωθυπουργόν κ. Ανδρουτσόπουλον εζήτησε την επίλυσιν των αιτημάτων των μελών της που αφορούν την μισθολογική εξομοίωσιν.

ΑΘΗΝΑΙ, 1. — Η ομοσπονδία των δημοτικών υπαλλήλων της Ελλάδος διά τηλεγραφήματός της προς τον πρωθυπουργόν κ. Ανδρουτσόπουλον εζήτησε την επίλυσιν των αιτημάτων των μελών της που αφορούν την μισθολογική εξομοίωσιν.

ΜΕΛΗ ΤΗΣ ΕΠΙΤΡΟΠΗΣ ΤΟΥ ΠΑΝΕΠΙΣΤΗΜΙΟΥ ΤΗΣ ΘΡΑΚΗΣ ΕΙΣ ΞΑΝΘΗΝ

ΞΑΝΘΗ, 1. — Αφίκνειται αύριον εις Ξάνθην η επιτροπή επί του Πανεπιστημίου Θράκης, προκειμένου να επισκεφθή τους χώρους όπου θα κατασκευασθούν αι εγκαταστάσεις του Πανεπιστημίου.

ΤΟ ΖΑΓΚΛΙΒΕΡΙΟΝ ΖΗΤΕΙ ΝΑ ΣΥΝΔΕΘΗ ΜΕ ΑΥΤΟΜΑΤΟΝ ΔΙΚΤΥΟΝ ΤΟΥ ΟΤΕ

Ο εμπορικός σύλλογος Ζαγκλιβερίου, δι' εγγράφου του προς τον ΟΤΕ, ζητεί την σύνδεσιν της κωμοπόλεως με το αυτόματον τηλεφωνικόν δίκτυον, δεδομένου ότι η περιοχή έχει σημαντική εμπορική κίνησιν.

Ο εμπορικός σύλλογος Ζαγκλιβερίου, δι' εγγράφου του προς τον ΟΤΕ, ζητεί την σύνδεσιν της κωμοπόλεως με το αυτόματον τηλεφωνικόν δίκτυον, δεδομένου ότι η περιοχή έχει σημαντική εμπορική κίνησιν.

ΕΚΚΡΕΜΕΙ Η ΣΥΜΒΑΣΙΣ ΤΩΝ ΕΡΓΑΤΩΝ ΚΑΤΕΡΓΑΣΙΑΣ ΞΥΛΟΥ

ΑΘΗΝΑΙ, 1. — Η ομοσπονδία εργατοϋπαλλήλων ξύλου της Ελλάδος ζητεί την άμεσον υπογραφήν της νέας συλλογικής συμβάσεως εργασίας, η οποία εκκρεμεί από τον Οκτώβριον του παρελθόντος έτους.

ΑΘΗΝΑΙ, 1. — Η ομοσπονδία εργατοϋπαλλήλων ξύλου της Ελλάδος ζητεί την άμεσον υπογραφήν της νέας συλλογικής συμβάσεως εργασίας, η οποία εκκρεμεί από τον Οκτώβριον του παρελθόντος έτους.

Η ΕΛΛΑΣ ΕΚΛΗΘΗ ΕΙΣ ΔΙΕΘΝΕΣ ΦΕΣΤΙΒΑΛ ΕΡΑΣΙΤΕΧΝΙΚΩΝ ΤΑΙΝΙΩΝ

ΑΘΗΝΑΙ, 1. — Κατά ανακοίνωσιν της ελληνικής ερασιτεχνικής κινηματογραφικής λέσχης, η Ελλάς εκλήθη να συμμετάσχη εις το διεθνές φεστιβάλ ερασιτεχνικών ταινιών που θα διεξαχθή εις την Ιταλίαν.

ΑΘΗΝΑΙ, 1. — Κατά ανακοίνωσιν της ελληνικής ερασιτεχνικής κινηματογραφικής λέσχης, η Ελλάς εκλήθη να συμμετάσχη εις το διεθνές φεστιβάλ ερασιτεχνικών ταινιών που θα διεξαχθή εις την Ιταλίαν.

ΝΕΟΙ ΙΑΤΡΟΙ ΤΗΣ ΘΕΣΣΑΛΟΝΙΚΗΣ

ΑΘΗΝΑΙ, 1. — Αι κάτωθι διορισθέντες εις το νοσοκομείον Θεσσαλονίκης ιατροί: Παπαδόπουλος Ι., Γεωργίου Χ., Κωνσταντίνου Α., Βασιλείου Μ.

ΑΠΑΓΟΡΕΥΘΗ Η ΕΙΣΑΓΩΓΗ ΞΕΝΙΚΟΥ ΤΥΡΟΥ

ΑΘΗΝΑΙ, 1. — Απαγορεύθη από σήμερον η εισαγωγή ξενικού τυρού, εκτός εάν πρόκειται περί τυρών που δεν παράγονται εις την χώραν μας, διά να προστατευθή η εγχώριος παραγωγή.

ΑΘΗΝΑΙ, 1. — Απαγορεύθη από σήμερον η εισαγωγή ξενικού τυρού, εκτός εάν πρόκειται περί τυρών που δεν παράγονται εις την χώραν μας, διά να προστατευθή η εγχώριος παραγωγή.

Η ΠΥΡΚΑΓΙΑ ΕΙΣ ΤΟΝ ΟΥΡΑΝΟΞΥΣΤΗΝ
ΣΥΝΕΧΕΙΑ ΕΚ ΤΗΣ 1ης ΣΕΛ.

παρά της πυροσβεστικής υπηρεσίας. Η πυρκαγιά εξερράγη εις τον 12ον όροφον του κτιρίου και ταχέως επεκτάθη εις τους επάνω ορόφους. Πολλοί εργαζόμενοι διεσώθησαν μέσω των κλιμακοστασίων.

παρά της πυροσβεστικής υπηρεσίας. Η πυρκαγιά εξερράγη εις τον 12ον όροφον του κτιρίου και ταχέως επεκτάθη εις τους επάνω ορόφους. Πολλοί εργαζόμενοι διεσώθησαν μέσω των κλιμακοστασίων.

παρά της πυροσβεστικής υπηρεσίας. Η πυρκαγιά εξερράγη εις τον 12ον όροφον του κτιρίου και ταχέως επεκτάθη εις τους επάνω ορόφους. Πολλοί εργαζόμενοι διεσώθησαν μέσω των κλιμακοστασίων.

ΑΔΥΝΑΤΟΣ ΠΡΟΣ ΤΟ ΠΑΡΟΝ Η ΔΗΜΙΟΥΡΓΙΑ ΙΚΑΝΩΝ ΑΠΟΘΕΜΑΤΩΝ ΔΗΜΗΤΡΙΑΚΩΝ ΑΝΕΥ ΜΕΓΑΛΗΣ ΑΥΞΗΣΕΩΣ ΤΗΣ ΤΙΜΗΣ ΤΩΝ

ΟΥΑΣΙΓΚΤΩΝ, 1. (ΑΠ). — Το συμβούλιον των οικονομικών συμβούλων του προέδρου Νίξον εξέφρασε την γνώμην ότι δεν είναι δυνατόν μέτρα διά την δημιουργίαν ικανών αποθεμάτων δημητριακών να ληφθούν προ του 1975, χωρίς σημαντικήν αύξησιν των τιμών.

ΟΥΑΣΙΓΚΤΩΝ, 1. (ΑΠ). — Το συμβούλιον των οικονομικών συμβούλων του προέδρου Νίξον εξέφρασε την γνώμην ότι δεν είναι δυνατόν μέτρα διά την δημιουργίαν ικανών αποθεμάτων δημητριακών να ληφθούν προ του 1975, χωρίς σημαντικήν αύξησιν των τιμών.

ΟΥΑΣΙΓΚΤΩΝ, 1. (ΑΠ). — Το συμβούλιον των οικονομικών συμβούλων του προέδρου Νίξον εξέφρασε την γνώμην ότι δεν είναι δυνατόν μέτρα διά την δημιουργίαν ικανών αποθεμάτων δημητριακών να ληφθούν προ του 1975, χωρίς σημαντικήν αύξησιν των τιμών.

ΟΥΑΣΙΓΚΤΩΝ, 1. (ΑΠ). — Το συμβούλιον των οικονομικών συμβούλων του προέδρου Νίξον εξέφρασε την γνώμην ότι δεν είναι δυνατόν μέτρα διά την δημιουργίαν ικανών αποθεμάτων δημητριακών να ληφθούν προ του 1975, χωρίς σημαντικήν αύξησιν των τιμών.

ΟΥΑΣΙΓΚΤΩΝ, 1. (ΑΠ). — Το συμβούλιον των οικονομικών συμβούλων του προέδρου Νίξον εξέφρασε την γνώμην ότι δεν είναι δυνατόν μέτρα διά την δημιουργίαν ικανών αποθεμάτων δημητριακών να ληφθούν προ του 1975, χωρίς σημαντικήν αύξησιν των τιμών.

ΟΥΑΣΙΓΚΤΩΝ, 1. (ΑΠ). — Το συμβούλιον των οικονομικών συμβούλων του προέδρου Νίξον εξέφρασε την γνώμην ότι δεν είναι δυνατόν μέτρα διά την δημιουργίαν ικανών αποθεμάτων δημητριακών να ληφθούν προ του 1975, χωρίς σημαντικήν αύξησιν των τιμών.

ΟΥΑΣΙΓΚΤΩΝ, 1. (ΑΠ). — Το συμβούλιον των οικονομικών συμβούλων του προέδρου Νίξον εξέφρασε την γνώμην ότι δεν είναι δυνατόν μέτρα διά την δημιουργίαν ικανών αποθεμάτων δημητριακών να ληφθούν προ του 1975, χωρίς σημαντικήν αύξησιν των τιμών.

ΟΥΑΣΙΓΚΤΩΝ, 1. (ΑΠ). — Το συμβούλιον των οικονομικών συμβούλων του προέδρου Νίξον εξέφρασε την γνώμην ότι δεν είναι δυνατόν μέτρα διά την δημιουργίαν ικανών αποθεμάτων δημητριακών να ληφθούν προ του 1975, χωρίς σημαντικήν αύξησιν των τιμών.

ΤΑ ΚΑΤΩΤΑΤΑ ΟΡΙΑ ΤΩΝ ΗΜΕΡΟΜΙΣΘΙΩΝ ΒΟΗΘΩΝ ΟΔΗΓΩΝ ΦΟΡΤΗΓΩΝ ΑΥΤΟΚΙΝΗΤΩΝ

ΑΘΗΝΑΙ, 1. — Εκηρύχθη εκτελεστή από του υπουργού απασχολήσεως η από 28 Σεπτεμβρίου 1973 απόφασις του δευτεροβαθμίου διαιτητικού δικαστηρίου Αθηνών, διά της οποίας καθορίζονται τα κατώτατα όρια ημερομισθίων των βοηθών οδηγών φορτηγών αυτοκινήτων.

ΑΘΗΝΑΙ, 1. — Εκηρύχθη εκτελεστή από του υπουργού απασχολήσεως η από 28 Σεπτεμβρίου 1973 απόφασις του δευτεροβαθμίου διαιτητικού δικαστηρίου Αθηνών, διά της οποίας καθορίζονται τα κατώτατα όρια ημερομισθίων των βοηθών οδηγών φορτηγών αυτοκινήτων.

ΟΙ ΣΠΟΥΔΑΣΤΑΙ ΤΗΣ ΣΧΟΛΗΣ ΑΜΥΝΗΣ ΕΙΣ ΣΚΑΡΑΜΑΓΚΑΝ

ΑΘΗΝΑΙ, 1. — Οι σπουδασταί της σχολής εθνικής αμύνης επισκέφθησαν τα ναυπηγεία Σκαραμαγκά, όπου ενημερώθησαν διά την λειτουργίαν και τας κατασκευαστικάς δυνατότητας των εγκαταστάσεων.

ΑΘΗΝΑΙ, 1. — Οι σπουδασταί της σχολής εθνικής αμύνης επισκέφθησαν τα ναυπηγεία Σκαραμαγκά, όπου ενημερώθησαν διά την λειτουργίαν και τας κατασκευαστικάς δυνατότητας των εγκαταστάσεων.

ΕΝΗΜΕΡΩΣΗΝ ΠΡΟΑΓΩΓΗ ΚΤΗΝΙΑΤΡΩΝ

ΑΘΗΝΑΙ, 1. — Δι' αποφάσεως του υπουργείου γεωργίας προάγονται εις τον βαθμόν του κτηνιάτρου οι κάτωθι: Καραβίζας Κ., Μαργαρίτης Γεώρ., Παναγιωτόπουλος Κωνσ., Δημάκης Αλέξ.

ΣΥΝΕΡΓΑΣΙΑ ΡΩΣΙΑΣ, ΙΑΠΩΝΙΑΣ ΚΑΙ ΗΝ. ΠΟΛΙΤΕΙΩΝ ΠΡΟΣ ΑΞΙΟΠΟΙΗΣΙΝ ΦΥΣΙΚΩΝ ΑΕΡΙΩΝ ΤΗΣ ΣΙΒΗΡΙΑΣ

ΜΟΣΧΑ, 1. (Ρόυτερ). — Εις αντιπροσωπεία της Ιαπωνίας και των Ηνωμένων Πολιτειών έφθασαν εις την Μόσχαν διά να συζητήσουν με τας σοβιετικάς αρχάς την από κοινού αξιοποίησιν των κοιτασμάτων φυσικού αερίου της Σιβηρίας.

ΜΟΣΧΑ, 1. (Ρόυτερ). — Εις αντιπροσωπεία της Ιαπωνίας και των Ηνωμένων Πολιτειών έφθασαν εις την Μόσχαν διά να συζητήσουν με τας σοβιετικάς αρχάς την από κοινού αξιοποίησιν των κοιτασμάτων φυσικού αερίου της Σιβηρίας.

ΠΟΤΕ ΘΑ ΓΙΝΕΤΑΙ Η ΧΡΗΣΙΜΟΠΟΙΗΣΙΣ ΤΩΝ ΠΕΖΟΔΡΟΜΙΩΝ

ΑΘΗΝΑΙ, 1. — Το υπουργείον δημοσίων έργων διευκρινίζει ότι η χρησιμοποίησις των πεζοδρομίων διά την τοποθέτησιν τραπεζοκαθισμάτων επιτρέπεται μόνον κατόπιν αδείας των αρμοδίων δημοτικών αρχών.

Ο Κ. ΤΣΑΚΩΝΑΣ ΕΔΕΧΘΗ ΠΕΝΤΕ ΠΡΕΣΒΕΥΤΑΣ

ΑΘΗΝΑΙ, 1. — Ο υπουργός πολιτισμού και επιστημών κ. Τσακωνας εδέχθη σήμερον τους πρεσβευτάς της Αυστρίας, του Βελγίου, της Ολλανδίας, της Νορβηγίας και της Δανίας.

ΕΙΣ 3.177.682 ΑΝΗΛΘΟΝ ΟΙ ΞΕΝΟΙ ΤΟΥΡΙΣΤΑΙ ΟΙ ΑΦΙΧΘΕΝΤΕΣ ΕΙΣ ΤΗΝ ΕΛΛΑΔΑ ΤΟ 1973

ΑΘΗΝΑΙ, 1. — Εις 3.177.682 άτομα ανήλθεν ο αριθμός των ξένων τουριστών οι οποίοι επεσκέφθησαν την Ελλάδα κατά το 1973, έναντι 2.715.000 το 1972, σημειώσας αύξησιν κατά 17%. Η συναλλαγματική εισροή από τον τουρισμόν ανήλθεν εις 514.000.000 δολλάρια.

ΑΘΗΝΑΙ, 1. — Εις 3.177.682 άτομα ανήλθεν ο αριθμός των ξένων τουριστών οι οποίοι επεσκέφθησαν την Ελλάδα κατά το 1973, έναντι 2.715.000 το 1972, σημειώσας αύξησιν κατά 17%. Η συναλλαγματική εισροή από τον τουρισμόν ανήλθεν εις 514.000.000 δολλάρια.

ΑΘΗΝΑΙ, 1. — Εις 3.177.682 άτομα ανήλθεν ο αριθμός των ξένων τουριστών οι οποίοι επεσκέφθησαν την Ελλάδα κατά το 1973, έναντι 2.715.000 το 1972, σημειώσας αύξησιν κατά 17%. Η συναλλαγματική εισροή από τον τουρισμόν ανήλθεν εις 514.000.000 δολλάρια.

ΔΙΩΡΙΣΘΗΣΑΝ ΦΥΛΑΚΕΣ ΑΡΧΑΙΟΤΗΤΩΝ

ΑΘΗΝΑΙ, 1. — Δι' αποφάσεως του υπουργείου πολιτισμού διωρίσθησαν φύλακες αρχαιοτήτων οι κάτωθι: Δημητρίου Κ., Αντωνίου Π., Βασιλόπουλος Ν., Ζαχαρίου Ι.

ΔΙΑΘΕΣΙΣ ΠΙΣΤΩΣΕΩΝ ΔΙΑ ΤΗΝ ΕΠΙΣΚΕΥΗΝ ΔΙΔΑΚΤΗΡΙΩΝ

ΑΘΗΝΑΙ, 1. — Το υπουργείον παιδείας διέθεσε το ποσόν των 300.000 δραχμών διά την επισκευήν δημοτικών σχολείων της περιφερείας Αττικής.

Ο Κ. ΤΣΟΥΜΠΑΣ ΕΔΕΧΘΗ ΤΟΝ ΓΕΡΜΑΝΟΝ ΠΡΕΣΒΥΝ

ΑΘΗΝΑΙ, 1. — Ο υπουργός συντονισμού κ. Τσούμπας εδέχθη σήμερον τον πρεσβευτήν της Δυτικής Γερμανίας κ. Ούκερ, με τον οποίον συνεζήτησε θέματα οικονομικής συνεργασίας.

ΣΩΜΑ ΕΘΝΟΦΡΟΥΡΑΣ ΚΑΤΑ ΤΩΝ ΑΡΙΣΤΕΡΩΝ ΣΥΝΕΣΤΗΘΗ ΑΠΟ ΔΙΕΤΙΑΣ ΕΙΣ ΤΗΝ ΑΓΓΛΙΑΝ

ΛΟΝΔΙΝΟΝ, 1. (Ηνωμ. Τύπος). — Μία μυστική οργάνωση εθνοφυλακής δημιουργήθηκε πριν από δύο χρόνια στη Βρετανία, με σκοπό να αντιμετωπίσει ενδεχόμενες απόπειρες των αριστερών να καταλάβουν την εξουσία, αποκαλύπτει σήμερα η εφημερίδα «Σάνταιη Τάιμς».

ΛΟΝΔΙΝΟΝ, 1. (Ηνωμ. Τύπος). — Μία μυστική οργάνωση εθνοφυλακής δημιουργήθηκε πριν από δύο χρόνια στη Βρετανία, με σκοπό να αντιμετωπίσει ενδεχόμενες απόπειρες των αριστερών να καταλάβουν την εξουσία, αποκαλύπτει σήμερα η εφημερίδα «Σάνταιη Τάιμς».

ΣΦΑΓΗ ΕΙΣ ΜΠΕΛΦΑΣΤ

ΜΠΕΛΦΑΣΤ, 1. (Ασ. Πρέσ.). — Δύο μασκοφόροι πυροβόλησαν και σκότωσαν έναν καθολικό σε ένα μπαρ της πόλεως.

ΕΠΙΔΟΣΙΣ ΤΙΤΛΩΝ ΚΥΡΙΟΤΗΤΟΣ ΕΙΣ ΑΓΡΟΤΑΣ

ΔΡΑΜΑ, 1. — Εις το χωρίον Αγία Παρασκευή Δράμας έγινε η επίδοσις τίτλων κυριότητος εις 62 ακτήμονας αγρότας της περιοχής.

ΛΟΝΔΙΝΟΝ, 1. (Ηνωμ. Τύπος). — Μία μυστική οργάνωση εθνοφυλακής δημιουργήθηκε πριν από δύο χρόνια στη Βρετανία, με σκοπό να αντιμετωπίσει ενδεχόμενες απόπειρες των αριστερών να καταλάβουν την εξουσία, αποκαλύπτει σήμερα η εφημερίδα «Σάνταιη Τάιμς».

ΛΟΝΔΙΝΟΝ, 1. (Ηνωμ. Τύπος). — Μία μυστική οργάνωση εθνοφυλακής δημιουργήθηκε πριν από δύο χρόνια στη Βρετανία, με σκοπό να αντιμετωπίσει ενδεχόμενες απόπειρες των αριστερών να καταλάβουν την εξουσία, αποκαλύπτει σήμερα η εφημερίδα «Σάνταιη Τάιμς».

ΛΟΝΔΙΝΟΝ, 1. (Ηνωμ. Τύπος). — Μία μυστική οργάνωση εθνοφυλακής δημιουργήθηκε πριν από δύο χρόνια στη Βρετανία, με σκοπό να αντιμετωπίσει ενδεχόμενες απόπειρες των αριστερών να καταλάβουν την εξουσία, αποκαλύπτει σήμερα η εφημερίδα «Σάνταιη Τάιμς».

ΛΟΝΔΙΝΟΝ, 1. (Ηνωμ. Τύπος). — Μία μυστική οργάνωση εθνοφυλακής δημιουργήθηκε πριν από δύο χρόνια στη Βρετανία, με σκοπό να αντιμετωπίσει ενδεχόμενες απόπειρες των αριστερών να καταλάβουν την εξουσία, αποκαλύπτει σήμερα η εφημερίδα «Σάνταιη Τάιμς».

η ΜΕΒΕΑ
όπως πάντα πρωτοπόρος
παρουσιάζει τώρα
τον ΝΕΟΝ
επαναστατικόν
ΥΔΡΟΨΥΚΤΟΝ κινητήρα
ZÜNDAPP
ΜΕΒΕΑ Α.Ε. ΑΡΙΣΤΟΤΕΛΟΥΣ 60 - ΑΘΗΝΑΙ
